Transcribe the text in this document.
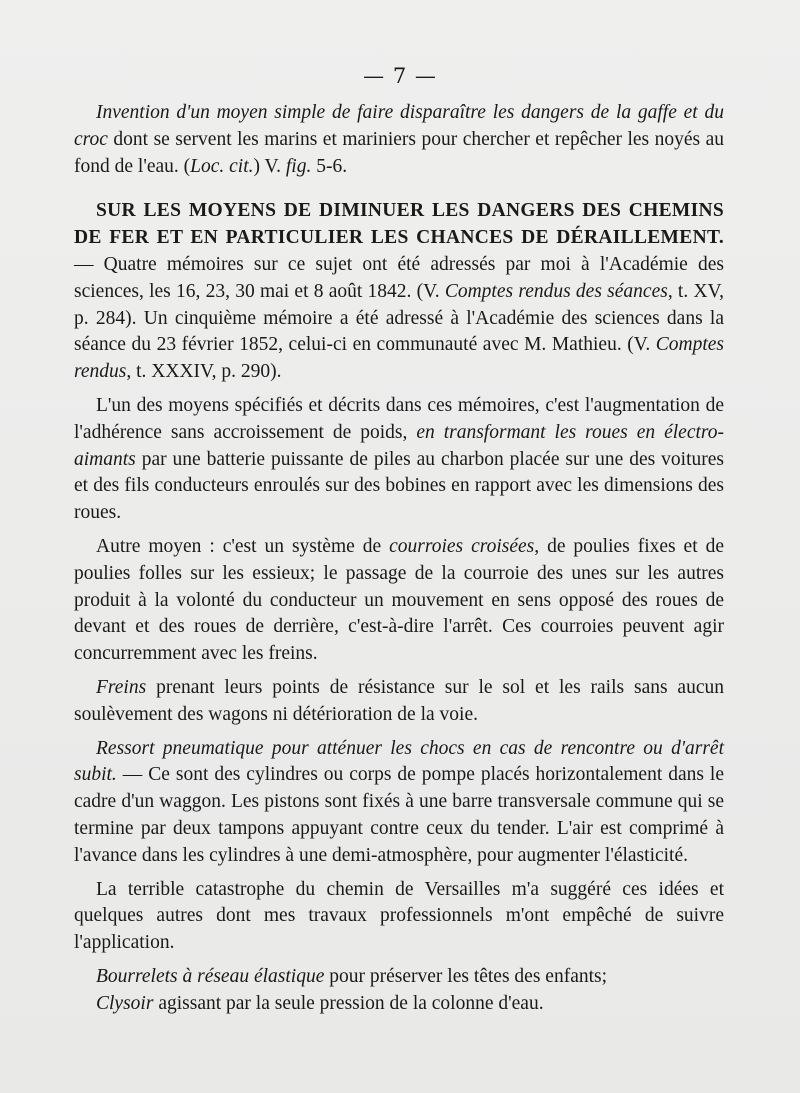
— 7 —

Invention d'un moyen simple de faire disparaître les dangers de la gaffe et du croc dont se servent les marins et mariniers pour chercher et repêcher les noyés au fond de l'eau. (Loc. cit.) V. fig. 5-6.

SUR LES MOYENS DE DIMINUER LES DANGERS DES CHEMINS DE FER ET EN PARTICULIER LES CHANCES DE DÉRAILLEMENT. — Quatre mémoires sur ce sujet ont été adressés par moi à l'Académie des sciences, les 16, 23, 30 mai et 8 août 1842. (V. Comptes rendus des séances, t. XV, p. 284). Un cinquième mémoire a été adressé à l'Académie des sciences dans la séance du 23 février 1852, celui-ci en communauté avec M. Mathieu. (V. Comptes rendus, t. XXXIV, p. 290).

L'un des moyens spécifiés et décrits dans ces mémoires, c'est l'augmentation de l'adhérence sans accroissement de poids, en transformant les roues en électro-aimants par une batterie puissante de piles au charbon placée sur une des voitures et des fils conducteurs enroulés sur des bobines en rapport avec les dimensions des roues.

Autre moyen : c'est un système de courroies croisées, de poulies fixes et de poulies folles sur les essieux; le passage de la courroie des unes sur les autres produit à la volonté du conducteur un mouvement en sens opposé des roues de devant et des roues de derrière, c'est-à-dire l'arrêt. Ces courroies peuvent agir concurremment avec les freins.

Freins prenant leurs points de résistance sur le sol et les rails sans aucun soulèvement des wagons ni détérioration de la voie.

Ressort pneumatique pour atténuer les chocs en cas de rencontre ou d'arrêt subit. — Ce sont des cylindres ou corps de pompe placés horizontalement dans le cadre d'un waggon. Les pistons sont fixés à une barre transversale commune qui se termine par deux tampons appuyant contre ceux du tender. L'air est comprimé à l'avance dans les cylindres à une demi-atmosphère, pour augmenter l'élasticité.

La terrible catastrophe du chemin de Versailles m'a suggéré ces idées et quelques autres dont mes travaux professionnels m'ont empêché de suivre l'application.

Bourrelets à réseau élastique pour préserver les têtes des enfants;

Clysoir agissant par la seule pression de la colonne d'eau.
